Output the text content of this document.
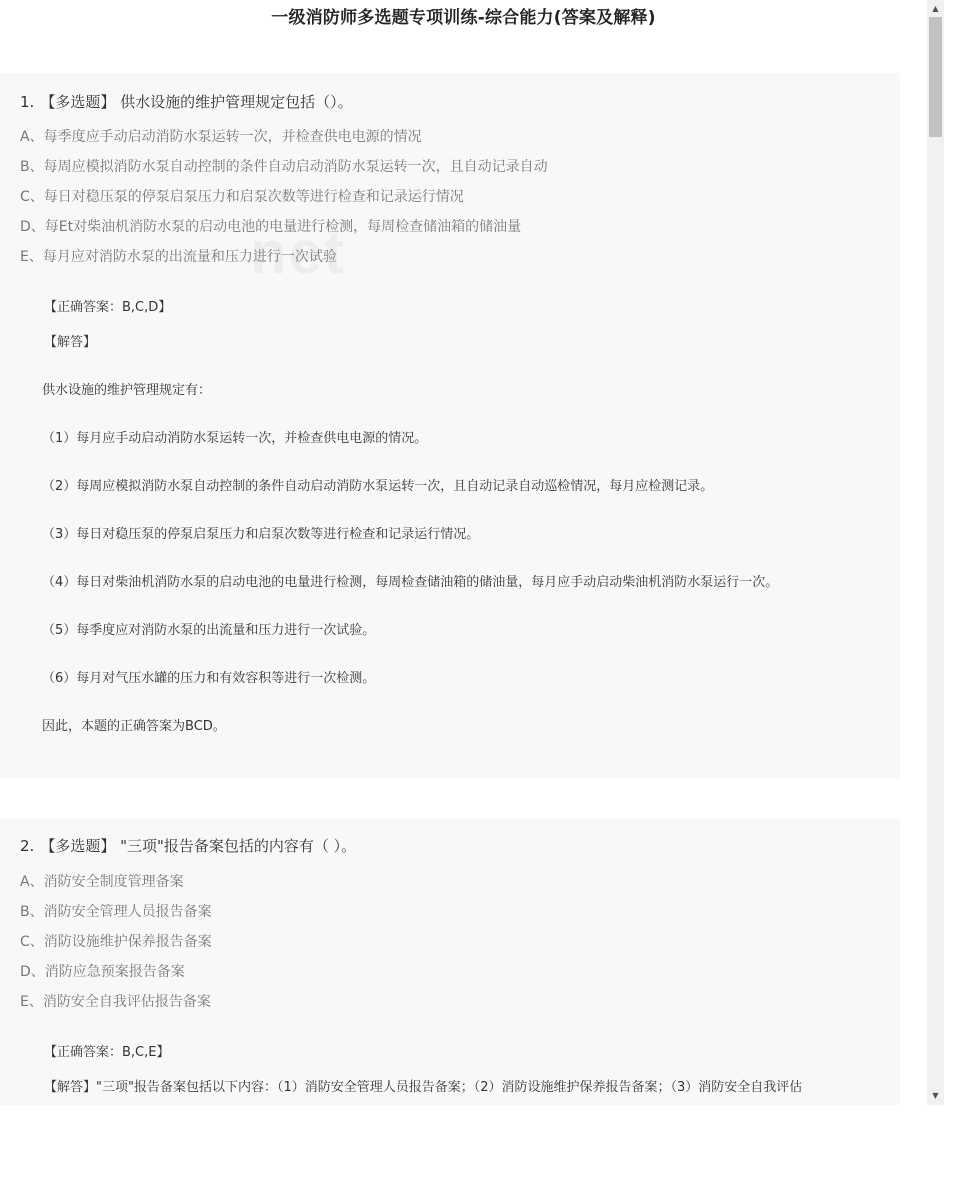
一级消防师多选题专项训练-综合能力(答案及解释)
1. 【多选题】 供水设施的维护管理规定包括（）。
A、每季度应手动启动消防水泵运转一次，并检查供电电源的情况
B、每周应模拟消防水泵自动控制的条件自动启动消防水泵运转一次，且自动记录自动
C、每日对稳压泵的停泵启泵压力和启泵次数等进行检查和记录运行情况
D、每Et对柴油机消防水泵的启动电池的电量进行检测，每周检查储油箱的储油量
E、每月应对消防水泵的出流量和压力进行一次试验
【正确答案：B,C,D】
【解答】
供水设施的维护管理规定有：
（1）每月应手动启动消防水泵运转一次，并检查供电电源的情况。
（2）每周应模拟消防水泵自动控制的条件自动启动消防水泵运转一次，且自动记录自动巡检情况，每月应检测记录。
（3）每日对稳压泵的停泵启泵压力和启泵次数等进行检查和记录运行情况。
（4）每日对柴油机消防水泵的启动电池的电量进行检测，每周检查储油箱的储油量，每月应手动启动柴油机消防水泵运行一次。
（5）每季度应对消防水泵的出流量和压力进行一次试验。
（6）每月对气压水罐的压力和有效容积等进行一次检测。
因此，本题的正确答案为BCD。
2. 【多选题】 "三项"报告备案包括的内容有（ ）。
A、消防安全制度管理备案
B、消防安全管理人员报告备案
C、消防设施维护保养报告备案
D、消防应急预案报告备案
E、消防安全自我评估报告备案
【正确答案：B,C,E】
【解答】"三项"报告备案包括以下内容：（1）消防安全管理人员报告备案；（2）消防设施维护保养报告备案；（3）消防安全自我评估
▲
▼
